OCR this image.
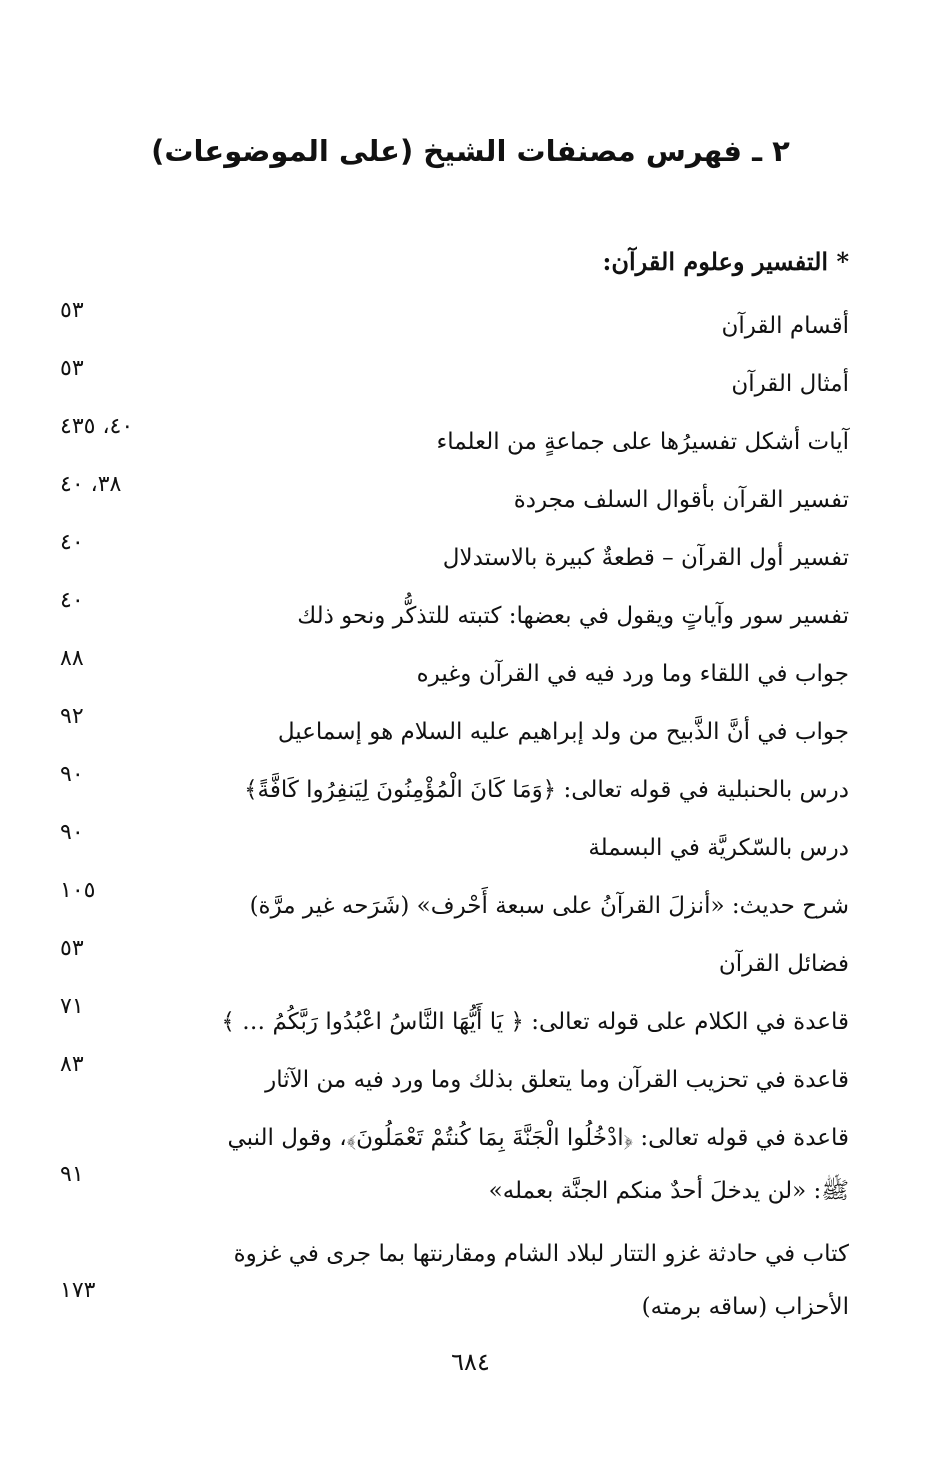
٢ ـ فهرس مصنفات الشيخ (على الموضوعات)
* التفسير وعلوم القرآن:
أقسام القرآن
٥٣
أمثال القرآن
٥٣
آيات أشكل تفسيرُها على جماعةٍ من العلماء
٤٠، ٤٣٥
تفسير القرآن بأقوال السلف مجردة
٣٨، ٤٠
تفسير أول القرآن – قطعةٌ كبيرة بالاستدلال
٤٠
تفسير سور وآياتٍ ويقول في بعضها: كتبته للتذكُّر ونحو ذلك
٤٠
جواب في اللقاء وما ورد فيه في القرآن وغيره
٨٨
جواب في أنَّ الذَّبيح من ولد إبراهيم عليه السلام هو إسماعيل
٩٢
درس بالحنبلية في قوله تعالى: ﴿وَمَا كَانَ الْمُؤْمِنُونَ لِيَنفِرُوا كَافَّةً﴾
٩٠
درس بالسّكريَّة في البسملة
٩٠
شرح حديث: «أنزلَ القرآنُ على سبعة أَحْرف» (شَرَحه غير مرَّة)
١٠٥
فضائل القرآن
٥٣
قاعدة في الكلام على قوله تعالى: ﴿ يَا أَيُّهَا النَّاسُ اعْبُدُوا رَبَّكُمُ … ﴾
٧١
قاعدة في تحزيب القرآن وما يتعلق بذلك وما ورد فيه من الآثار
٨٣
قاعدة في قوله تعالى: ﴿ادْخُلُوا الْجَنَّةَ بِمَا كُنتُمْ تَعْمَلُونَ﴾، وقول النبي ﷺ: «لن يدخلَ أحدٌ منكم الجنَّة بعمله»
٩١
كتاب في حادثة غزو التتار لبلاد الشام ومقارنتها بما جرى في غزوة الأحزاب (ساقه برمته)
١٧٣
٦٨٤
